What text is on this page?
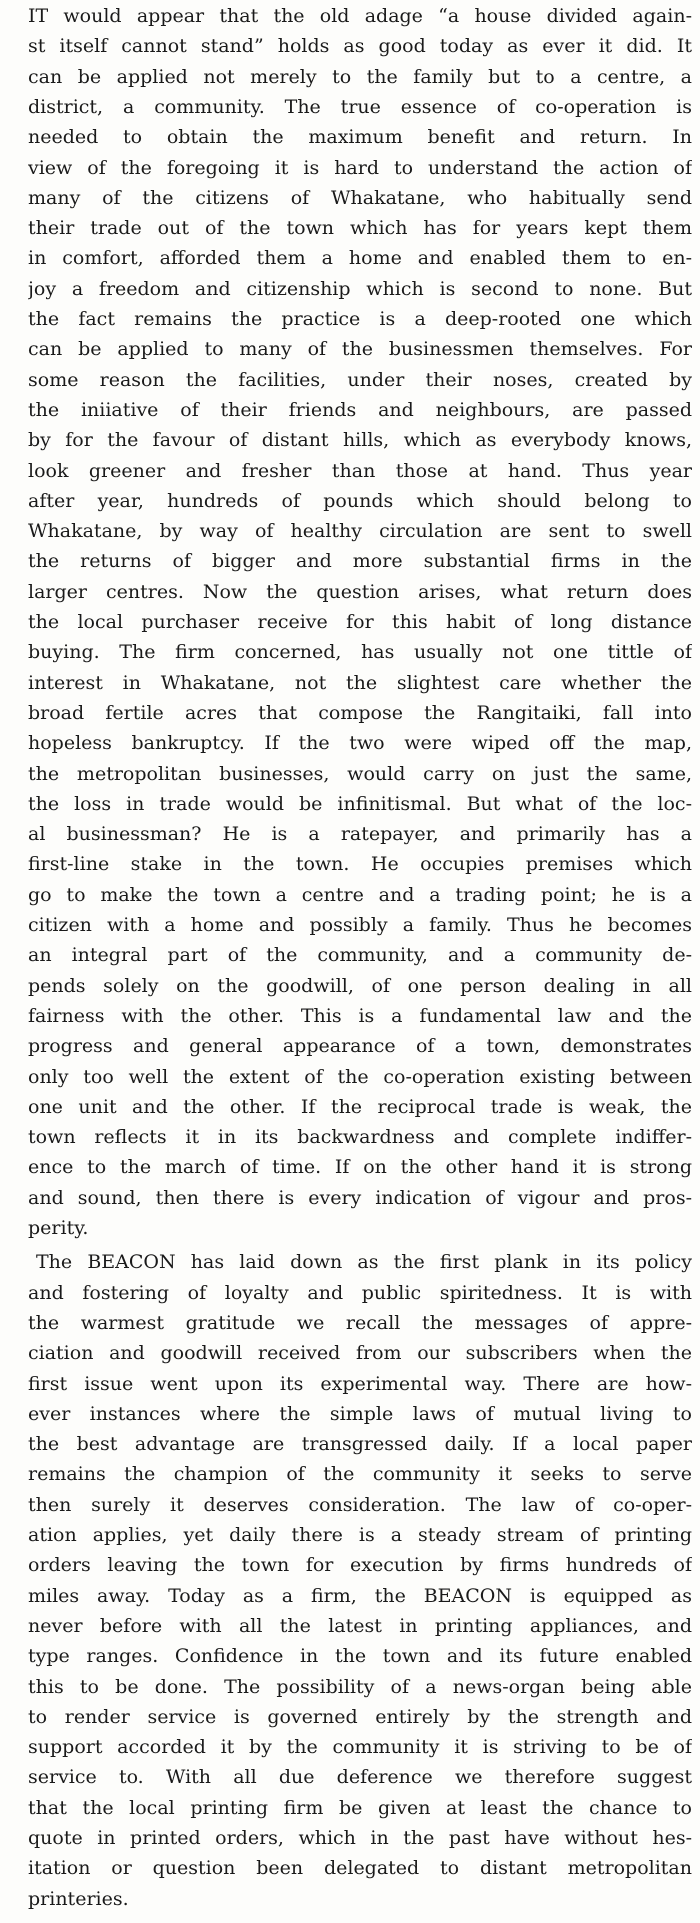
IT would appear that the old adage “a house divided again-
st itself cannot stand” holds as good today as ever it did. It
can be applied not merely to the family but to a centre, a
district, a community. The true essence of co-operation is
needed to obtain the maximum benefit and return. In
view of the foregoing it is hard to understand the action of
many of the citizens of Whakatane, who habitually send
their trade out of the town which has for years kept them
in comfort, afforded them a home and enabled them to en-
joy a freedom and citizenship which is second to none. But
the fact remains the practice is a deep-rooted one which
can be applied to many of the businessmen themselves. For
some reason the facilities, under their noses, created by
the iniiative of their friends and neighbours, are passed
by for the favour of distant hills, which as everybody knows,
look greener and fresher than those at hand. Thus year
after year, hundreds of pounds which should belong to
Whakatane, by way of healthy circulation are sent to swell
the returns of bigger and more substantial firms in the
larger centres. Now the question arises, what return does
the local purchaser receive for this habit of long distance
buying. The firm concerned, has usually not one tittle of
interest in Whakatane, not the slightest care whether the
broad fertile acres that compose the Rangitaiki, fall into
hopeless bankruptcy. If the two were wiped off the map,
the metropolitan businesses, would carry on just the same,
the loss in trade would be infinitismal. But what of the loc-
al businessman? He is a ratepayer, and primarily has a
first-line stake in the town. He occupies premises which
go to make the town a centre and a trading point; he is a
citizen with a home and possibly a family. Thus he becomes
an integral part of the community, and a community de-
pends solely on the goodwill, of one person dealing in all
fairness with the other. This is a fundamental law and the
progress and general appearance of a town, demonstrates
only too well the extent of the co-operation existing between
one unit and the other. If the reciprocal trade is weak, the
town reflects it in its backwardness and complete indiffer-
ence to the march of time. If on the other hand it is strong
and sound, then there is every indication of vigour and pros-
perity.
The BEACON has laid down as the first plank in its policy
and fostering of loyalty and public spiritedness. It is with
the warmest gratitude we recall the messages of appre-
ciation and goodwill received from our subscribers when the
first issue went upon its experimental way. There are how-
ever instances where the simple laws of mutual living to
the best advantage are transgressed daily. If a local paper
remains the champion of the community it seeks to serve
then surely it deserves consideration. The law of co-oper-
ation applies, yet daily there is a steady stream of printing
orders leaving the town for execution by firms hundreds of
miles away. Today as a firm, the BEACON is equipped as
never before with all the latest in printing appliances, and
type ranges. Confidence in the town and its future enabled
this to be done. The possibility of a news-organ being able
to render service is governed entirely by the strength and
support accorded it by the community it is striving to be of
service to. With all due deference we therefore suggest
that the local printing firm be given at least the chance to
quote in printed orders, which in the past have without hes-
itation or question been delegated to distant metropolitan
printeries.
